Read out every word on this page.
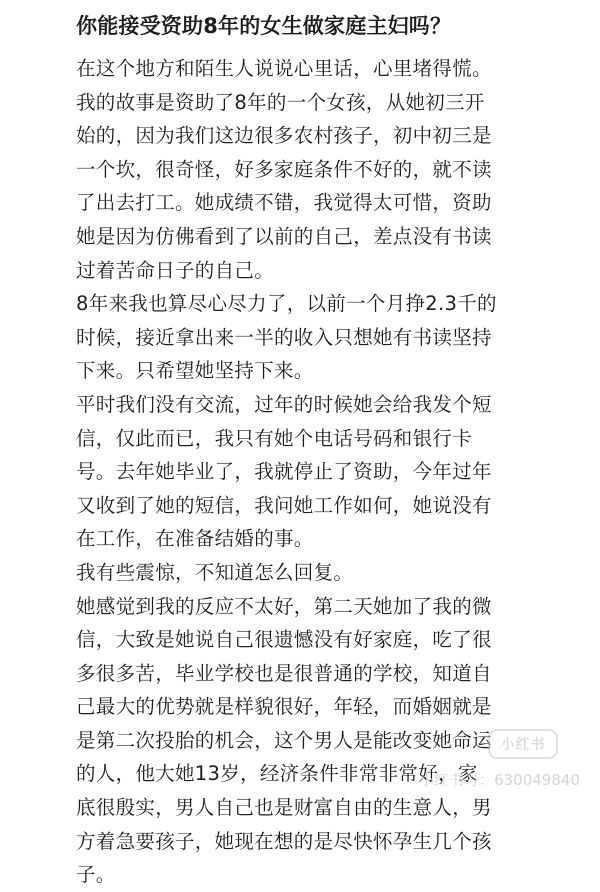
你能接受资助8年的女生做家庭主妇吗？

在这个地方和陌生人说说心里话，心里堵得慌。
我的故事是资助了8年的一个女孩，从她初三开
始的，因为我们这边很多农村孩子，初中初三是
一个坎，很奇怪，好多家庭条件不好的，就不读
了出去打工。她成绩不错，我觉得太可惜，资助
她是因为仿佛看到了以前的自己，差点没有书读
过着苦命日子的自己。

8年来我也算尽心尽力了，以前一个月挣2.3千的
时候，接近拿出来一半的收入只想她有书读坚持
下来。只希望她坚持下来。

平时我们没有交流，过年的时候她会给我发个短
信，仅此而已，我只有她个电话号码和银行卡
号。去年她毕业了，我就停止了资助，今年过年
又收到了她的短信，我问她工作如何，她说没有
在工作，在准备结婚的事。

我有些震惊，不知道怎么回复。

她感觉到我的反应不太好，第二天她加了我的微
信，大致是她说自己很遗憾没有好家庭，吃了很
多很多苦，毕业学校也是很普通的学校，知道自
己最大的优势就是样貌很好，年轻，而婚姻就是
是第二次投胎的机会，这个男人是能改变她命运
的人，他大她13岁，经济条件非常非常好，家
底很殷实，男人自己也是财富自由的生意人，男
方着急要孩子，她现在想的是尽快怀孕生几个孩
子。

小红书
小红书号：630049840
